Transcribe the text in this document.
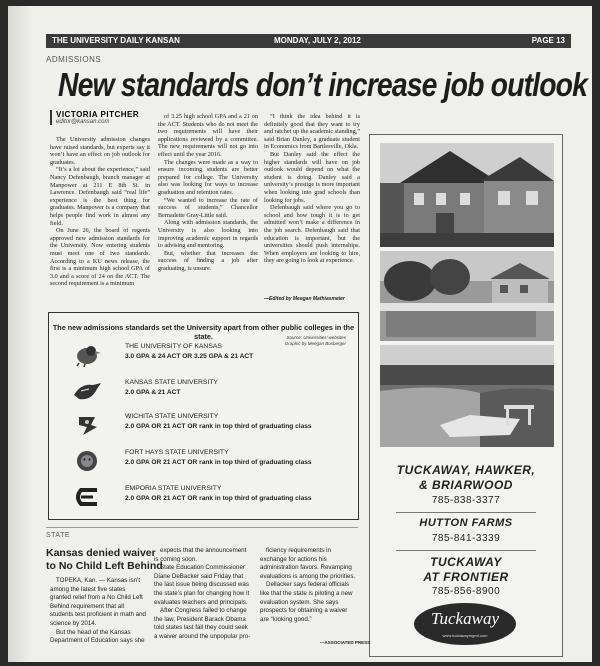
THE UNIVERSITY DAILY KANSAN	MONDAY, JULY 2, 2012	PAGE 13
ADMISSIONS
New standards don’t increase job outlook
VICTORIA PITCHER
editor@kansan.com

The University admission changes have raised standards, but experts say it won’t have an effect on job outlook for graduates.

“It’s a lot about the experience,” said Nancy Defenbaugh, branch manager at Manpower at 211 E 8th St. in Lawrence. Defenbaugh said “real life” experience is the best thing for graduates. Manpower is a company that helps people find work in almost any field.

On June 26, the board of regents approved new admission standards for the University. Now entering students must meet one of two standards. According to a KU news release, the first is a minimum high school GPA of 3.0 and a score of 24 on the ACT. The second requirement is a minimum

of 3.25 high school GPA and a 21 on the ACT. Students who do not meet the two requirements will have their applications reviewed by a committee. The new requirements will not go into effect until the year 2016.

The changes were made as a way to ensure incoming students are better prepared for college. The University also was looking for ways to increase graduation and retention rates.

“We wanted to increase the rate of success of students,” Chancellor Bernadette Gray-Little said.

Along with admission standards, the University is also looking into improving academic support in regards to advising and mentoring.

But, whether that increases the success of finding a job after graduating, is unsure.

“I think the idea behind it is definitely good that they want to try and ratchet up the academic standing,” said Brian Danley, a graduate student in Economics from Bartlesville, Okla.

But Danley said the effect the higher standards will have on job outlook would depend on what the student is doing. Danley said a university’s prestige is more important when looking into grad schools than looking for jobs.

Defenbaugh said where you go to school and how tough it is to get admitted won’t make a difference in the job search. Defenbaugh said that education is important, but the universities should push internships. When employers are looking to hire, they are going to look at experience.

—Edited by Meegan Mathiasmeier
The new admissions standards set the University apart from other public colleges in the state.	Source: Universities’ websites
Graphic by Meegan Bosberger
THE UNIVERSITY OF KANSAS
3.0 GPA & 24 ACT OR 3.25 GPA & 21 ACT
KANSAS STATE UNIVERSITY
2.0 GPA & 21 ACT
WICHITA STATE UNIVERSITY
2.0 GPA OR 21 ACT OR rank in top third of graduating class
FORT HAYS STATE UNIVERSITY
2.0 GPA OR 21 ACT OR rank in top third of graduating class
EMPORIA STATE UNIVERSITY
2.0 GPA OR 21 ACT OR rank in top third of graduating class
TUCKAWAY, HAWKER,
& BRIARWOOD
785-838-3377
HUTTON FARMS
785-841-3339
TUCKAWAY
AT FRONTIER
785-856-8900
Tuckaway
www.tuckawaymgmt.com
STATE
Kansas denied waiver
to No Child Left Behind

TOPEKA, Kan. — Kansas isn’t among the latest five states granted relief from a No Child Left Behind requirement that all students test proficient in math and science by 2014.

But the head of the Kansas Department of Education says she

expects that the announcement is coming soon.

State Education Commissioner Diane DeBacker said Friday that the last issue being discussed was the state’s plan for changing how it evaluates teachers and principals.

After Congress failed to change the law, President Barack Obama told states last fall they could seek a waiver around the unpopular pro-

ficiency requirements in exchange for actions his administration favors. Revamping evaluations is among the priorities.

Dellacker says federal officials like that the state is piloting a new evaluation system. She says prospects for obtaining a waiver are “looking good.”

—ASSOCIATED PRESS
